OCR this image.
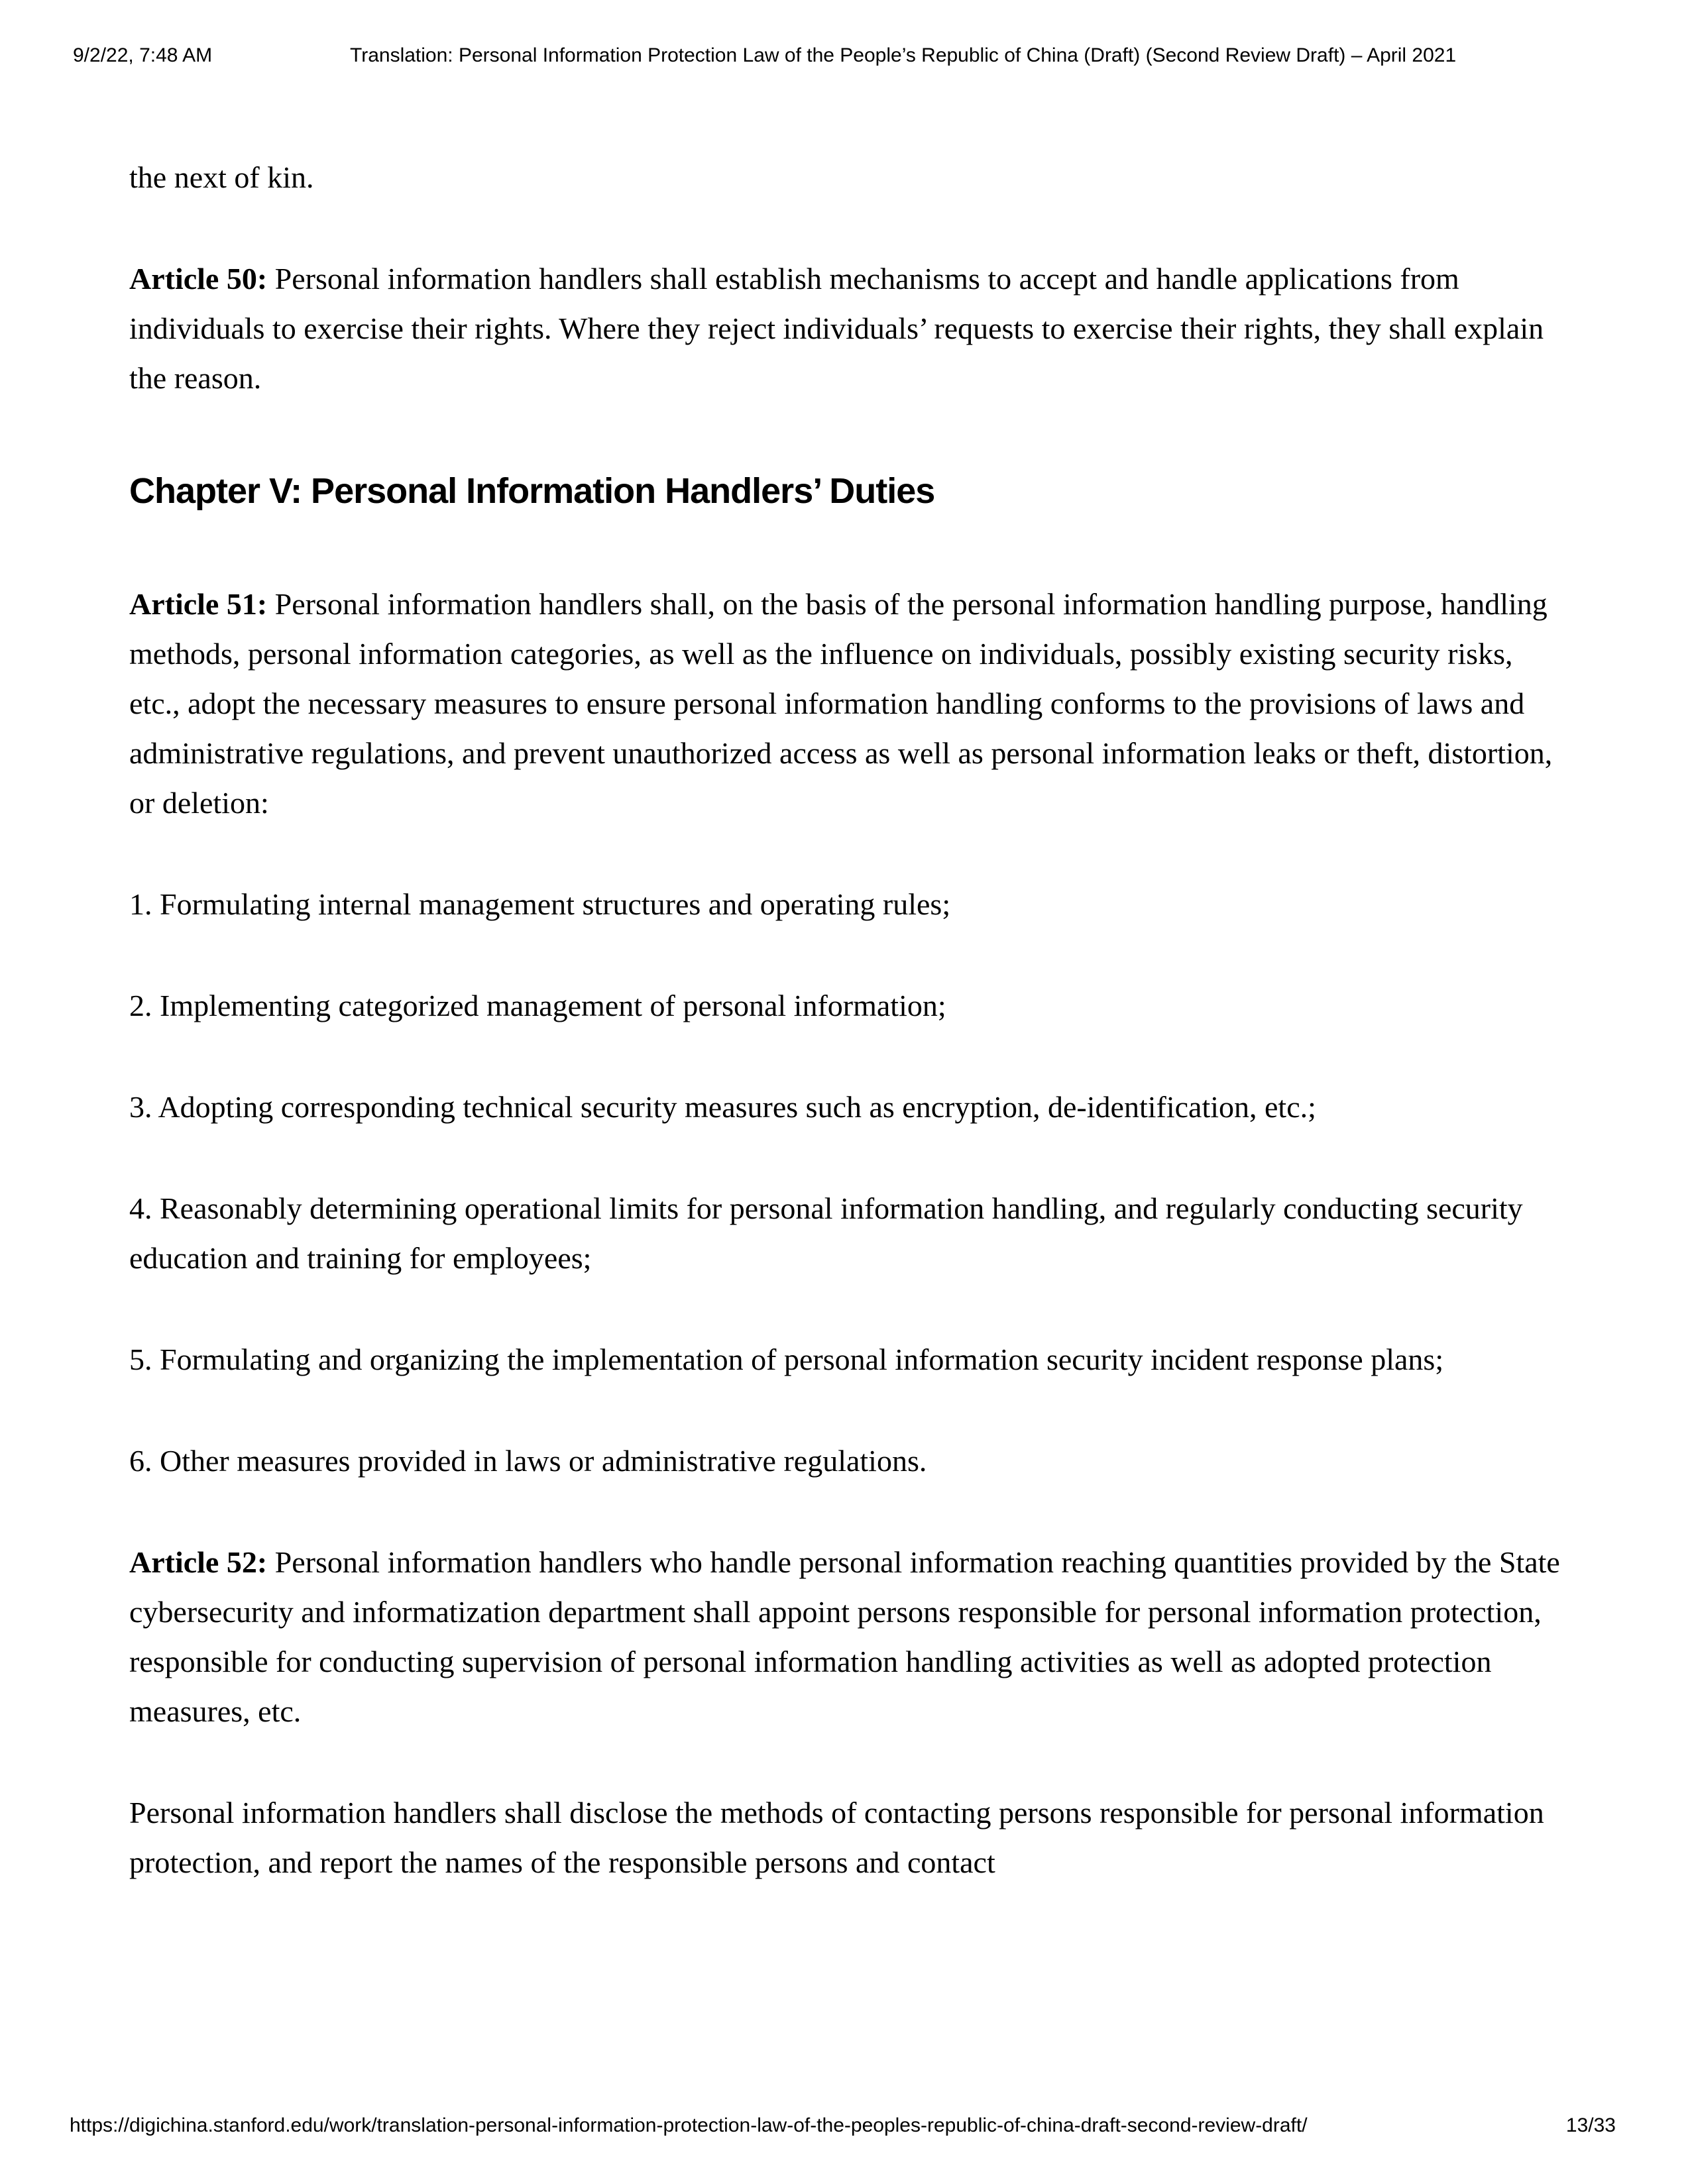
9/2/22, 7:48 AM	Translation: Personal Information Protection Law of the People’s Republic of China (Draft) (Second Review Draft) – April 2021

the next of kin.

Article 50: Personal information handlers shall establish mechanisms to accept and handle applications from individuals to exercise their rights. Where they reject individuals’ requests to exercise their rights, they shall explain the reason.

Chapter V: Personal Information Handlers’ Duties

Article 51: Personal information handlers shall, on the basis of the personal information handling purpose, handling methods, personal information categories, as well as the influence on individuals, possibly existing security risks, etc., adopt the necessary measures to ensure personal information handling conforms to the provisions of laws and administrative regulations, and prevent unauthorized access as well as personal information leaks or theft, distortion, or deletion:

1. Formulating internal management structures and operating rules;

2. Implementing categorized management of personal information;

3. Adopting corresponding technical security measures such as encryption, de-identification, etc.;

4. Reasonably determining operational limits for personal information handling, and regularly conducting security education and training for employees;

5. Formulating and organizing the implementation of personal information security incident response plans;

6. Other measures provided in laws or administrative regulations.

Article 52: Personal information handlers who handle personal information reaching quantities provided by the State cybersecurity and informatization department shall appoint persons responsible for personal information protection, responsible for conducting supervision of personal information handling activities as well as adopted protection measures, etc.

Personal information handlers shall disclose the methods of contacting persons responsible for personal information protection, and report the names of the responsible persons and contact

https://digichina.stanford.edu/work/translation-personal-information-protection-law-of-the-peoples-republic-of-china-draft-second-review-draft/	13/33
